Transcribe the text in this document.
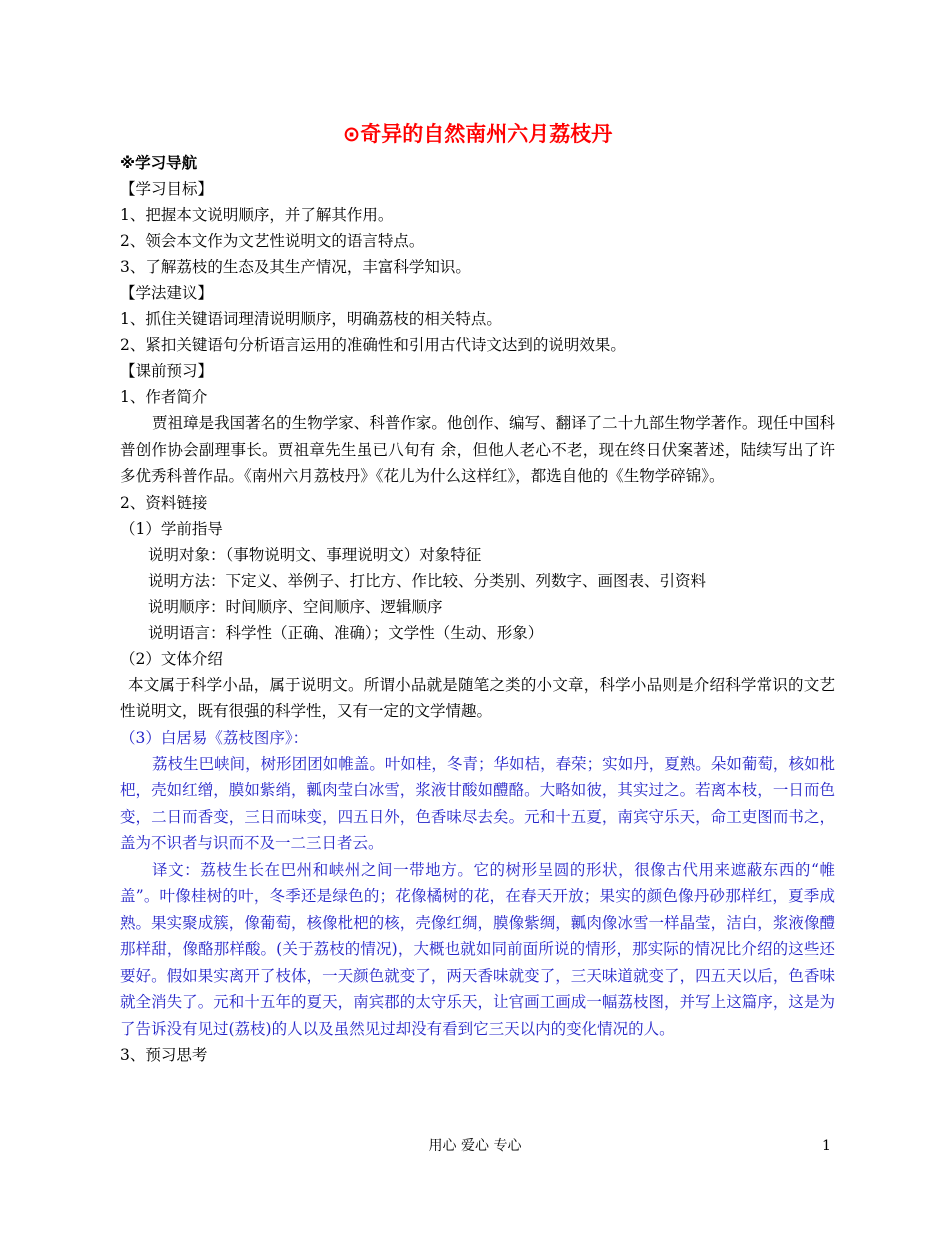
⊙奇异的自然南州六月荔枝丹

※学习导航

【学习目标】

1、把握本文说明顺序，并了解其作用。

2、领会本文作为文艺性说明文的语言特点。

3、了解荔枝的生态及其生产情况，丰富科学知识。

【学法建议】

1、抓住关键语词理清说明顺序，明确荔枝的相关特点。

2、紧扣关键语句分析语言运用的准确性和引用古代诗文达到的说明效果。

【课前预习】

1、作者简介

贾祖璋是我国著名的生物学家、科普作家。他创作、编写、翻译了二十九部生物学著作。现任中国科普创作协会副理事长。贾祖章先生虽已八旬有 余，但他人老心不老，现在终日伏案著述，陆续写出了许多优秀科普作品。《南州六月荔枝丹》《花儿为什么这样红》，都选自他的《生物学碎锦》。

2、资料链接

（1）学前指导

说明对象：（事物说明文、事理说明文）对象特征

说明方法：下定义、举例子、打比方、作比较、分类别、列数字、画图表、引资料

说明顺序：时间顺序、空间顺序、逻辑顺序

说明语言：科学性（正确、准确）；文学性（生动、形象）

（2）文体介绍

本文属于科学小品，属于说明文。所谓小品就是随笔之类的小文章，科学小品则是介绍科学常识的文艺性说明文，既有很强的科学性，又有一定的文学情趣。

（3）白居易《荔枝图序》：

荔枝生巴峡间，树形团团如帷盖。叶如桂，冬青；华如桔，春荣；实如丹，夏熟。朵如葡萄，核如枇杷，壳如红缯，膜如紫绡，瓤肉莹白冰雪，浆液甘酸如醴酪。大略如彼，其实过之。若离本枝，一日而色变，二日而香变，三日而味变，四五日外，色香味尽去矣。元和十五夏，南宾守乐天，命工吏图而书之，盖为不识者与识而不及一二三日者云。

译文：荔枝生长在巴州和峡州之间一带地方。它的树形呈圆的形状，很像古代用来遮蔽东西的“帷盖”。叶像桂树的叶，冬季还是绿色的；花像橘树的花，在春天开放；果实的颜色像丹砂那样红，夏季成熟。果实聚成簇，像葡萄，核像枇杷的核，壳像红绸，膜像紫绸，瓤肉像冰雪一样晶莹，洁白，浆液像醴那样甜，像酪那样酸。(关于荔枝的情况)，大概也就如同前面所说的情形，那实际的情况比介绍的这些还要好。假如果实离开了枝体，一天颜色就变了，两天香味就变了，三天味道就变了，四五天以后，色香味就全消失了。元和十五年的夏天，南宾郡的太守乐天，让官画工画成一幅荔枝图，并写上这篇序，这是为了告诉没有见过(荔枝)的人以及虽然见过却没有看到它三天以内的变化情况的人。

3、预习思考

用心 爱心 专心	1
